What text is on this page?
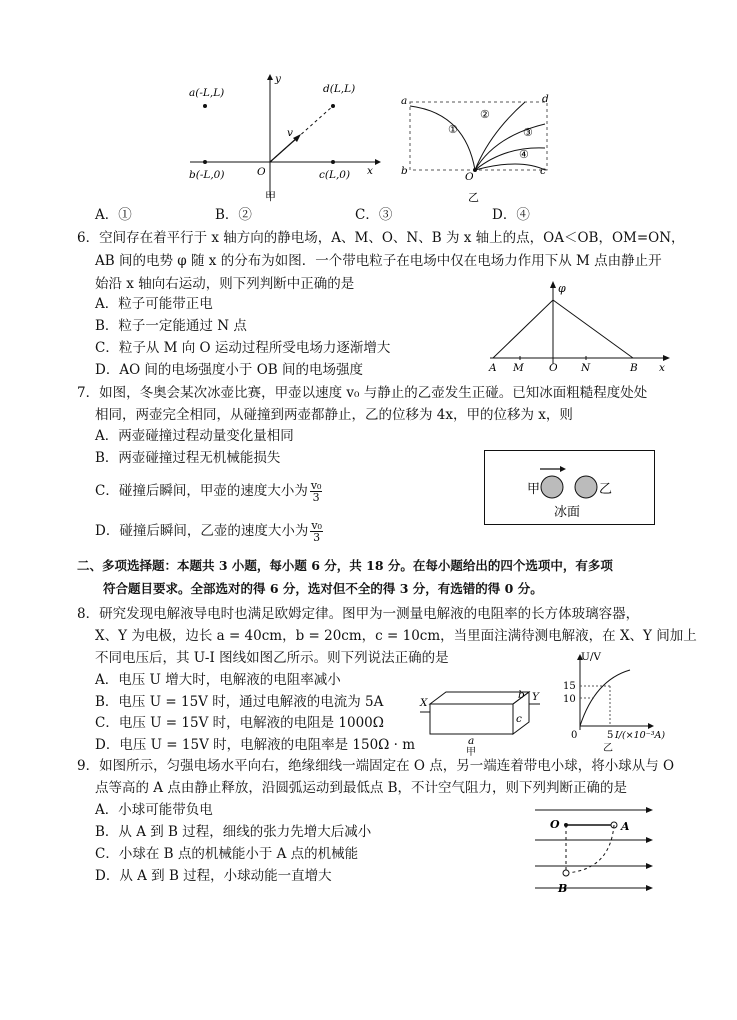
a(-L,L)	d(L,L)
b(-L,0)	c(L,0)
O	x
y
v
甲
a	d
b	c
O
①
②
③
④
乙
A．①	B．②	C．③	D．④
6．空间存在着平行于 x 轴方向的静电场，A、M、O、N、B 为 x 轴上的点，OA＜OB，OM=ON，
AB 间的电势 φ 随 x 的分布为如图．一个带电粒子在电场中仅在电场力作用下从 M 点由静止开
始沿 x 轴向右运动，则下列判断中正确的是
A．粒子可能带正电
B．粒子一定能通过 N 点
C．粒子从 M 向 O 运动过程所受电场力逐渐增大
D．AO 间的电场强度小于 OB 间的电场强度
φ
A M O N	B x
7．如图，冬奥会某次冰壶比赛，甲壶以速度 v₀ 与静止的乙壶发生正碰。已知冰面粗糙程度处处
相同，两壶完全相同，从碰撞到两壶都静止，乙的位移为 4x，甲的位移为 x，则
A．两壶碰撞过程动量变化量相同
B．两壶碰撞过程无机械能损失
C．碰撞后瞬间，甲壶的速度大小为 $\frac{\text{v₀}}{3}$
D．碰撞后瞬间，乙壶的速度大小为 $\frac{\text{v₀}}{3}$
甲	乙
冰面
二、多项选择题：本题共 3 小题，每小题 6 分，共 18 分。在每小题给出的四个选项中，有多项
符合题目要求。全部选对的得 6 分，选对但不全的得 3 分，有选错的得 0 分。
8．研究发现电解液导电时也满足欧姆定律。图甲为一测量电解液的电阻率的长方体玻璃容器，
X、Y 为电极，边长 a = 40cm，b = 20cm，c = 10cm，当里面注满待测电解液，在 X、Y 间加上
不同电压后，其 U-I 图线如图乙所示。则下列说法正确的是
A．电压 U 增大时，电解液的电阻率减小
B．电压 U = 15V 时，通过电解液的电流为 5A
C．电压 U = 15V 时，电解液的电阻是 1000Ω
D．电压 U = 15V 时，电解液的电阻率是 150Ω · m
X	Y
b
c
a
甲
U/V
15
10
0	5 I/(×10⁻³A)
乙
9．如图所示，匀强电场水平向右，绝缘细线一端固定在 O 点，另一端连着带电小球，将小球从与 O
点等高的 A 点由静止释放，沿圆弧运动到最低点 B，不计空气阻力，则下列判断正确的是
A．小球可能带负电
B．从 A 到 B 过程，细线的张力先增大后减小
C．小球在 B 点的机械能小于 A 点的机械能
D．从 A 到 B 过程，小球动能一直增大
O	A
B
